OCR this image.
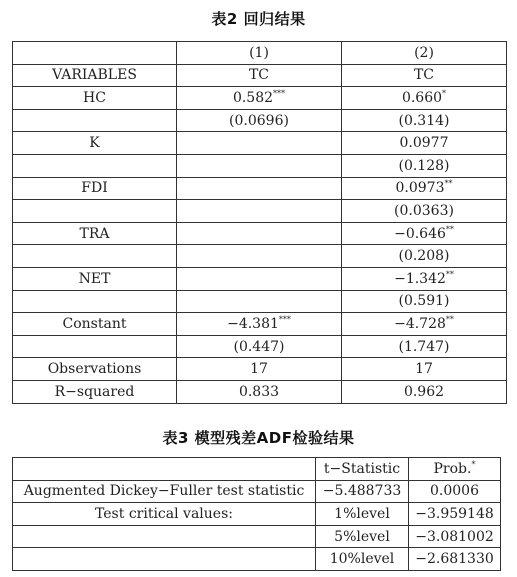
表2 回归结果
	(1)	(2)
VARIABLES	TC	TC
HC	0.582***	0.660*
	(0.0696)	(0.314)
K		0.0977
		(0.128)
FDI		0.0973**
		(0.0363)
TRA		−0.646**
		(0.208)
NET		−1.342**
		(0.591)
Constant	−4.381***	−4.728**
	(0.447)	(1.747)
Observations	17	17
R−squared	0.833	0.962
表3 模型残差ADF检验结果
	t−Statistic	Prob.*
Augmented Dickey−Fuller test statistic	−5.488733	0.0006
Test critical values:	1%level	−3.959148
	5%level	−3.081002
	10%level	−2.681330
